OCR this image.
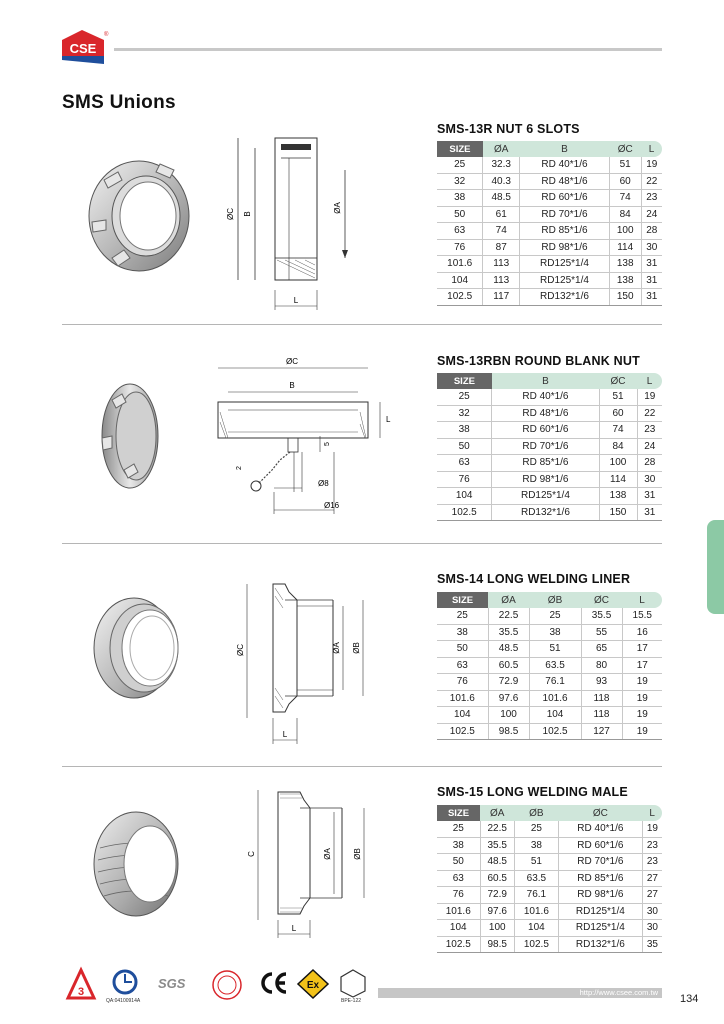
CSE
®
SMS Unions
ØC B
ØA
L
SMS-13R NUT 6 SLOTS
SIZE	ØA	B	ØC	L
25	32.3	RD 40*1/6	51	19
32	40.3	RD 48*1/6	60	22
38	48.5	RD 60*1/6	74	23
50	61	RD 70*1/6	84	24
63	74	RD 85*1/6	100	28
76	87	RD 98*1/6	114	30
101.6	113	RD125*1/4	138	31
104	113	RD125*1/4	138	31
102.5	117	RD132*1/6	150	31
ØC
B
L
5
2
Ø8
Ø16
SMS-13RBN ROUND BLANK NUT
SIZE	B	ØC	L
25	RD 40*1/6	51	19
32	RD 48*1/6	60	22
38	RD 60*1/6	74	23
50	RD 70*1/6	84	24
63	RD 85*1/6	100	28
76	RD 98*1/6	114	30
104	RD125*1/4	138	31
102.5	RD132*1/6	150	31
ØC	ØA ØB
L
SMS-14 LONG WELDING LINER
SIZE	ØA	ØB	ØC	L
25	22.5	25	35.5	15.5
38	35.5	38	55	16
50	48.5	51	65	17
63	60.5	63.5	80	17
76	72.9	76.1	93	19
101.6	97.6	101.6	118	19
104	100	104	118	19
102.5	98.5	102.5	127	19
C	ØA	ØB
L
SMS-15 LONG WELDING MALE
SIZE	ØA	ØB	ØC	L
25	22.5	25	RD 40*1/6	19
38	35.5	38	RD 60*1/6	23
50	48.5	51	RD 70*1/6	23
63	60.5	63.5	RD 85*1/6	27
76	72.9	76.1	RD 98*1/6	27
101.6	97.6	101.6	RD125*1/4	30
104	100	104	RD125*1/4	30
102.5	98.5	102.5	RD132*1/6	35
3
QA:04100914A
SGS	Ex
BPE-122
http://www.csee.com.tw
134
